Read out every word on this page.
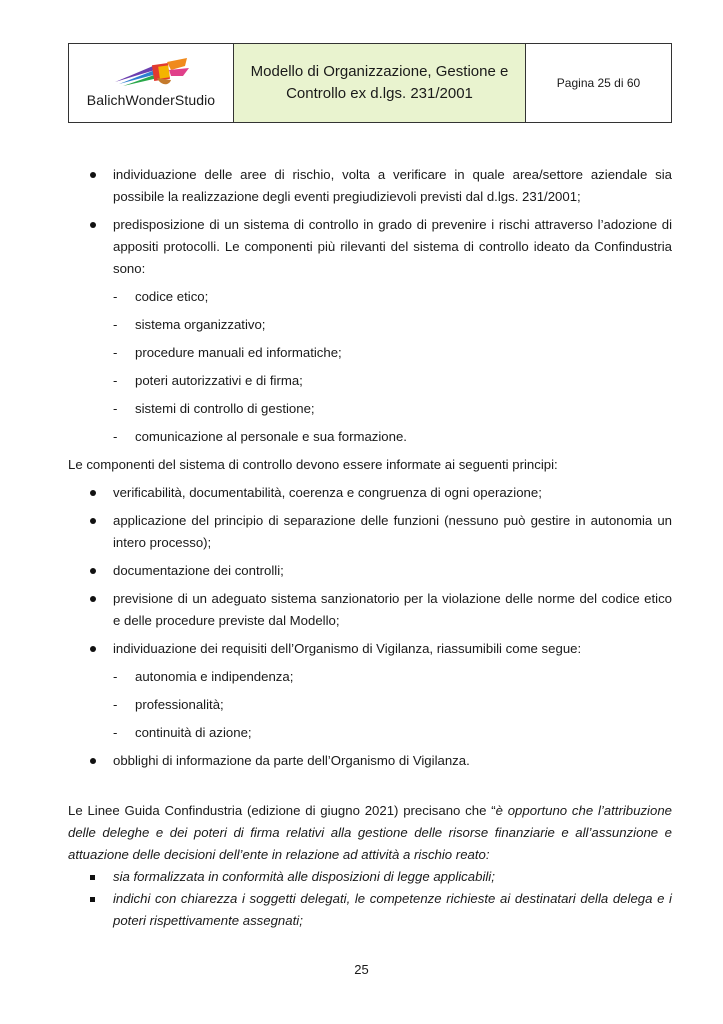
BalichWonderStudio
Modello di Organizzazione, Gestione e Controllo ex d.lgs. 231/2001
Pagina 25 di 60
individuazione delle aree di rischio, volta a verificare in quale area/settore aziendale sia possibile la realizzazione degli eventi pregiudizievoli previsti dal d.lgs. 231/2001;
predisposizione di un sistema di controllo in grado di prevenire i rischi attraverso l’adozione di appositi protocolli. Le componenti più rilevanti del sistema di controllo ideato da Confindustria sono:
- codice etico;
- sistema organizzativo;
- procedure manuali ed informatiche;
- poteri autorizzativi e di firma;
- sistemi di controllo di gestione;
- comunicazione al personale e sua formazione.

Le componenti del sistema di controllo devono essere informate ai seguenti principi:

verificabilità, documentabilità, coerenza e congruenza di ogni operazione;
applicazione del principio di separazione delle funzioni (nessuno può gestire in autonomia un intero processo);
documentazione dei controlli;
previsione di un adeguato sistema sanzionatorio per la violazione delle norme del codice etico e delle procedure previste dal Modello;
individuazione dei requisiti dell’Organismo di Vigilanza, riassumibili come segue:
- autonomia e indipendenza;
- professionalità;
- continuità di azione;
obblighi di informazione da parte dell’Organismo di Vigilanza.

Le Linee Guida Confindustria (edizione di giugno 2021) precisano che “è opportuno che l’attribuzione delle deleghe e dei poteri di firma relativi alla gestione delle risorse finanziarie e all’assunzione e attuazione delle decisioni dell’ente in relazione ad attività a rischio reato:

sia formalizzata in conformità alle disposizioni di legge applicabili;
indichi con chiarezza i soggetti delegati, le competenze richieste ai destinatari della delega e i poteri rispettivamente assegnati;
25
